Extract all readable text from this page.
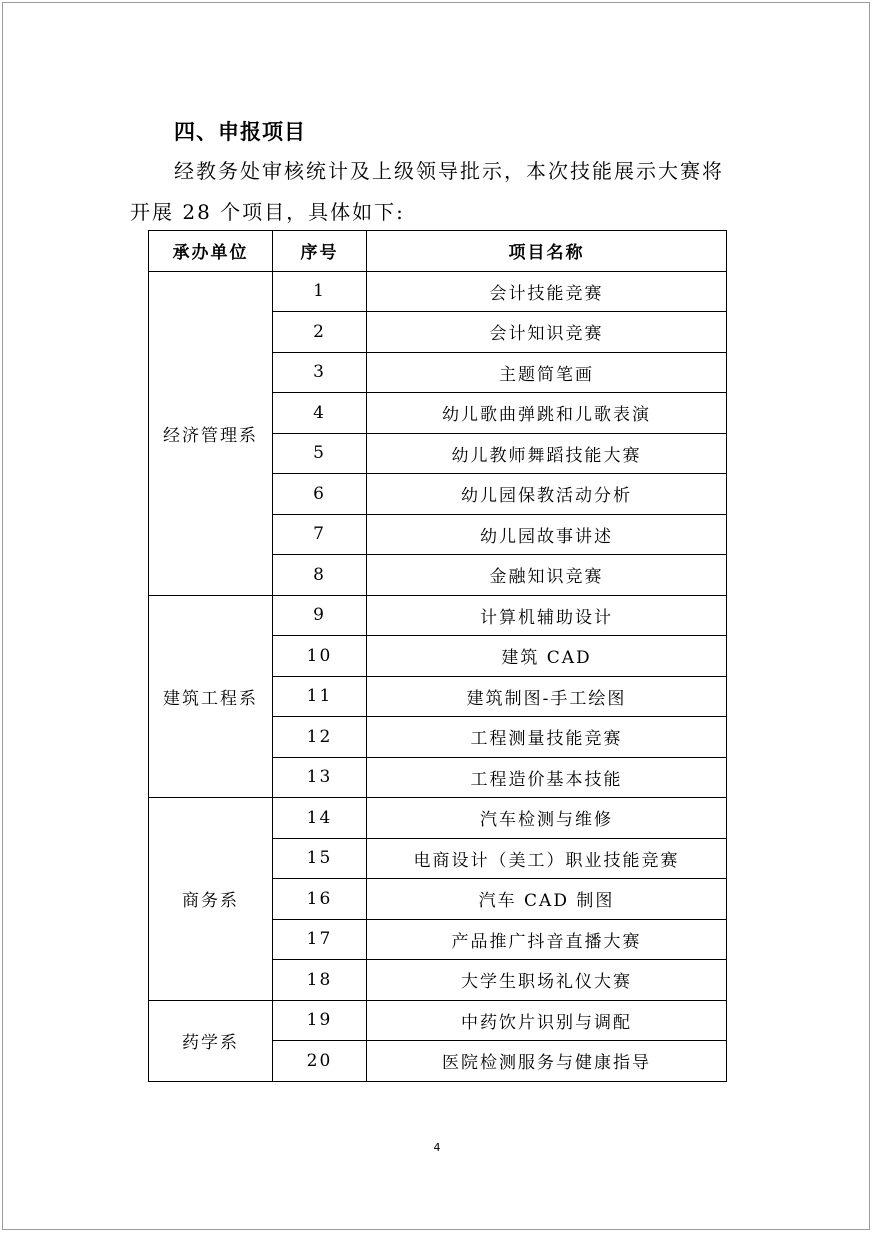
四、申报项目
经教务处审核统计及上级领导批示，本次技能展示大赛将
开展 28 个项目，具体如下:
承办单位	序号	项目名称
经济管理系	1	会计技能竞赛
	2	会计知识竞赛
	3	主题简笔画
	4	幼儿歌曲弹跳和儿歌表演
	5	幼儿教师舞蹈技能大赛
	6	幼儿园保教活动分析
	7	幼儿园故事讲述
	8	金融知识竞赛
建筑工程系	9	计算机辅助设计
	10	建筑 CAD
	11	建筑制图-手工绘图
	12	工程测量技能竞赛
	13	工程造价基本技能
商务系	14	汽车检测与维修
	15	电商设计（美工）职业技能竞赛
	16	汽车 CAD 制图
	17	产品推广抖音直播大赛
	18	大学生职场礼仪大赛
药学系	19	中药饮片识别与调配
	20	医院检测服务与健康指导
4
